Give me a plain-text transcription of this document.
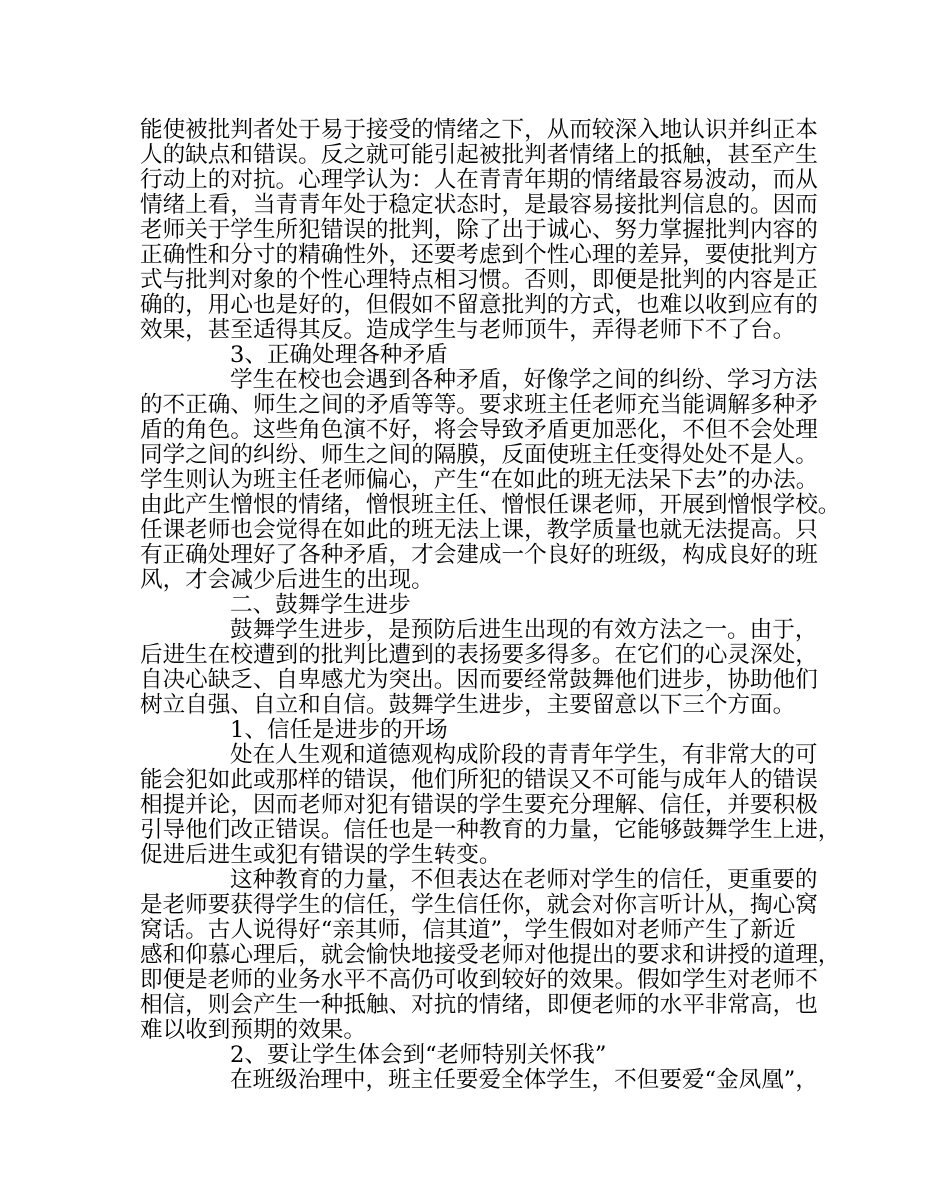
能使被批判者处于易于接受的情绪之下，从而较深入地认识并纠正本
人的缺点和错误。反之就可能引起被批判者情绪上的抵触，甚至产生
行动上的对抗。心理学认为：人在青青年期的情绪最容易波动，而从
情绪上看，当青青年处于稳定状态时，是最容易接批判信息的。因而
老师关于学生所犯错误的批判，除了出于诚心、努力掌握批判内容的
正确性和分寸的精确性外，还要考虑到个性心理的差异，要使批判方
式与批判对象的个性心理特点相习惯。否则，即便是批判的内容是正
确的，用心也是好的，但假如不留意批判的方式，也难以收到应有的
效果，甚至适得其反。造成学生与老师顶牛，弄得老师下不了台。
3、正确处理各种矛盾
学生在校也会遇到各种矛盾，好像学之间的纠纷、学习方法
的不正确、师生之间的矛盾等等。要求班主任老师充当能调解多种矛
盾的角色。这些角色演不好，将会导致矛盾更加恶化，不但不会处理
同学之间的纠纷、师生之间的隔膜，反面使班主任变得处处不是人。
学生则认为班主任老师偏心，产生“在如此的班无法呆下去”的办法。
由此产生憎恨的情绪，憎恨班主任、憎恨任课老师，开展到憎恨学校。
任课老师也会觉得在如此的班无法上课，教学质量也就无法提高。只
有正确处理好了各种矛盾，才会建成一个良好的班级，构成良好的班
风，才会减少后进生的出现。
二、鼓舞学生进步
鼓舞学生进步，是预防后进生出现的有效方法之一。由于，
后进生在校遭到的批判比遭到的表扬要多得多。在它们的心灵深处，
自决心缺乏、自卑感尤为突出。因而要经常鼓舞他们进步，协助他们
树立自强、自立和自信。鼓舞学生进步，主要留意以下三个方面。
1、信任是进步的开场
处在人生观和道德观构成阶段的青青年学生，有非常大的可
能会犯如此或那样的错误，他们所犯的错误又不可能与成年人的错误
相提并论，因而老师对犯有错误的学生要充分理解、信任，并要积极
引导他们改正错误。信任也是一种教育的力量，它能够鼓舞学生上进，
促进后进生或犯有错误的学生转变。
这种教育的力量，不但表达在老师对学生的信任，更重要的
是老师要获得学生的信任，学生信任你，就会对你言听计从，掏心窝
窝话。古人说得好“亲其师，信其道”，学生假如对老师产生了新近
感和仰慕心理后，就会愉快地接受老师对他提出的要求和讲授的道理，
即便是老师的业务水平不高仍可收到较好的效果。假如学生对老师不
相信，则会产生一种抵触、对抗的情绪，即便老师的水平非常高，也
难以收到预期的效果。
2、要让学生体会到“老师特别关怀我”
在班级治理中，班主任要爱全体学生，不但要爱“金凤凰”，
